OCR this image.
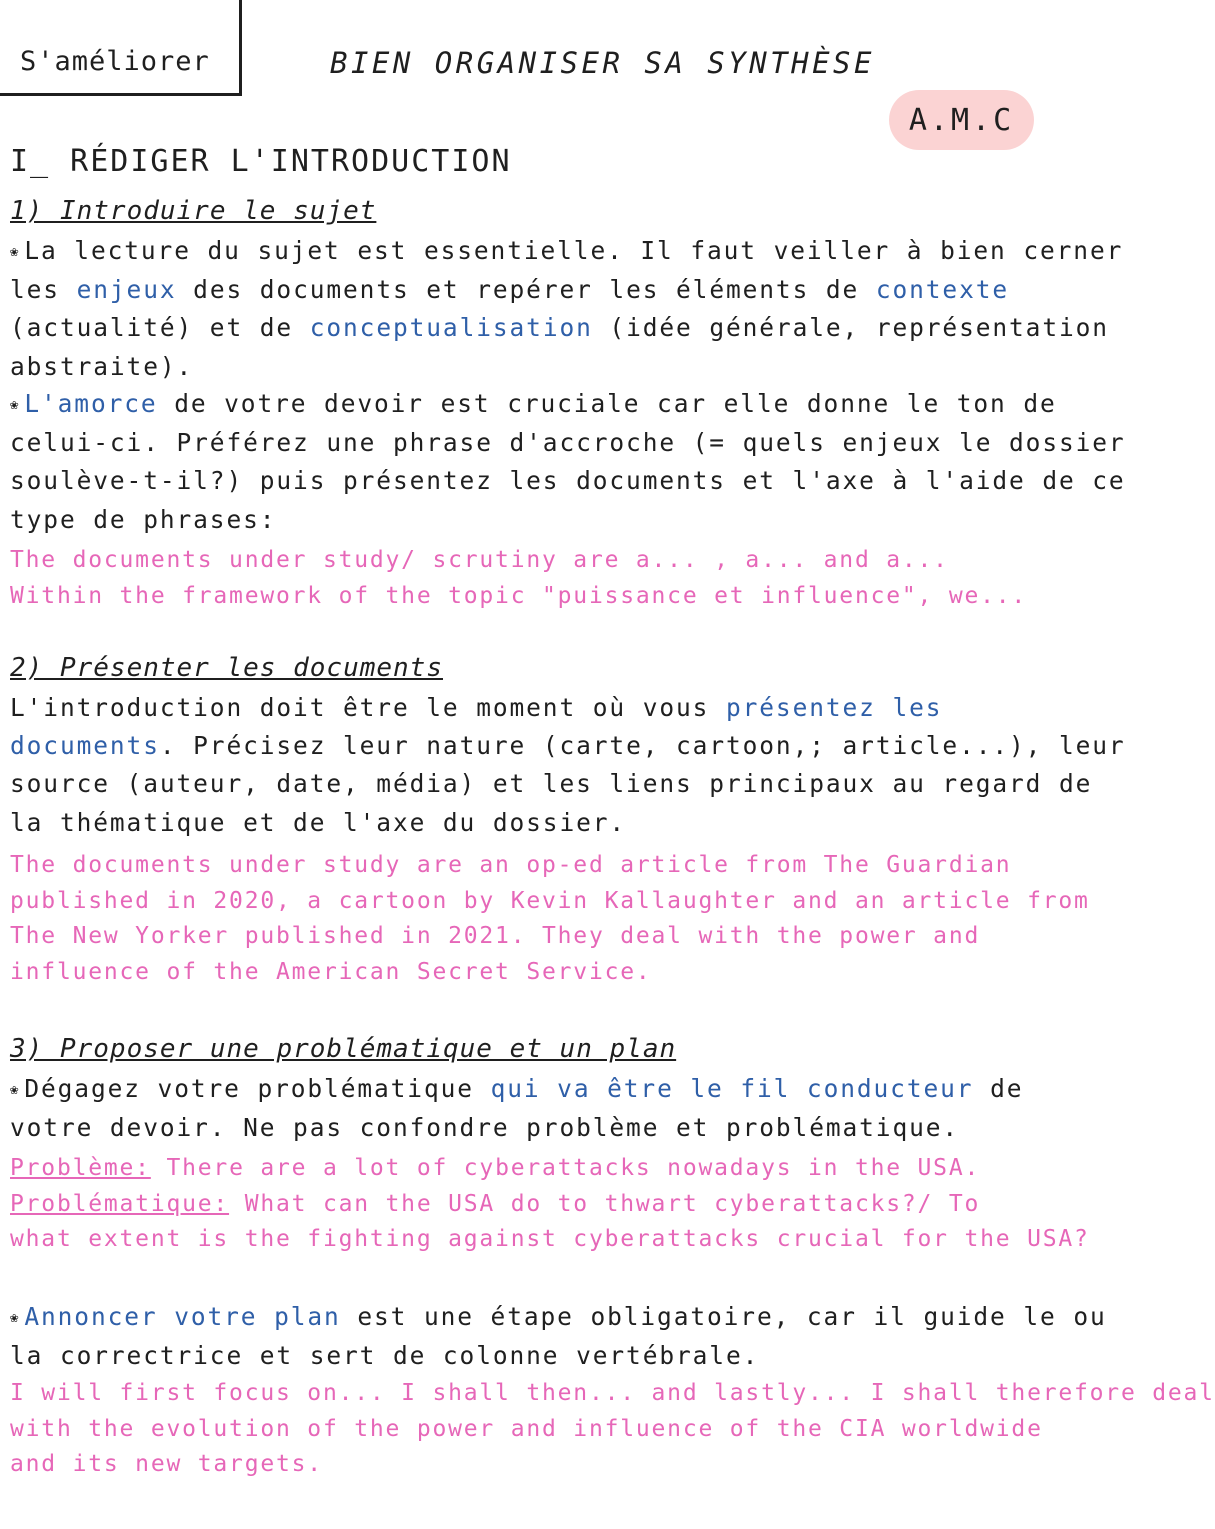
S'améliorer	BIEN ORGANISER SA SYNTHÈSE
A.M.C
I_ RÉDIGER L'INTRODUCTION
1) Introduire le sujet

❀ La lecture du sujet est essentielle. Il faut veiller à bien cerner
les enjeux des documents et repérer les éléments de contexte
(actualité) et de conceptualisation (idée générale, représentation
abstraite).

❀ L'amorce de votre devoir est cruciale car elle donne le ton de
celui-ci. Préférez une phrase d'accroche (= quels enjeux le dossier
soulève-t-il?) puis présentez les documents et l'axe à l'aide de ce
type de phrases:

The documents under study/ scrutiny are a... , a... and a...
Within the framework of the topic "puissance et influence", we...

2) Présenter les documents

L'introduction doit être le moment où vous présentez les
documents. Précisez leur nature (carte, cartoon,; article...), leur
source (auteur, date, média) et les liens principaux au regard de
la thématique et de l'axe du dossier.

The documents under study are an op-ed article from The Guardian
published in 2020, a cartoon by Kevin Kallaughter and an article from
The New Yorker published in 2021. They deal with the power and
influence of the American Secret Service.

3) Proposer une problématique et un plan

❀ Dégagez votre problématique qui va être le fil conducteur de
votre devoir. Ne pas confondre problème et problématique.

Problème: There are a lot of cyberattacks nowadays in the USA.
Problématique: What can the USA do to thwart cyberattacks?/ To
what extent is the fighting against cyberattacks crucial for the USA?

❀ Annoncer votre plan est une étape obligatoire, car il guide le ou
la correctrice et sert de colonne vertébrale.

I will first focus on... I shall then... and lastly... I shall therefore deal
with the evolution of the power and influence of the CIA worldwide
and its new targets.
